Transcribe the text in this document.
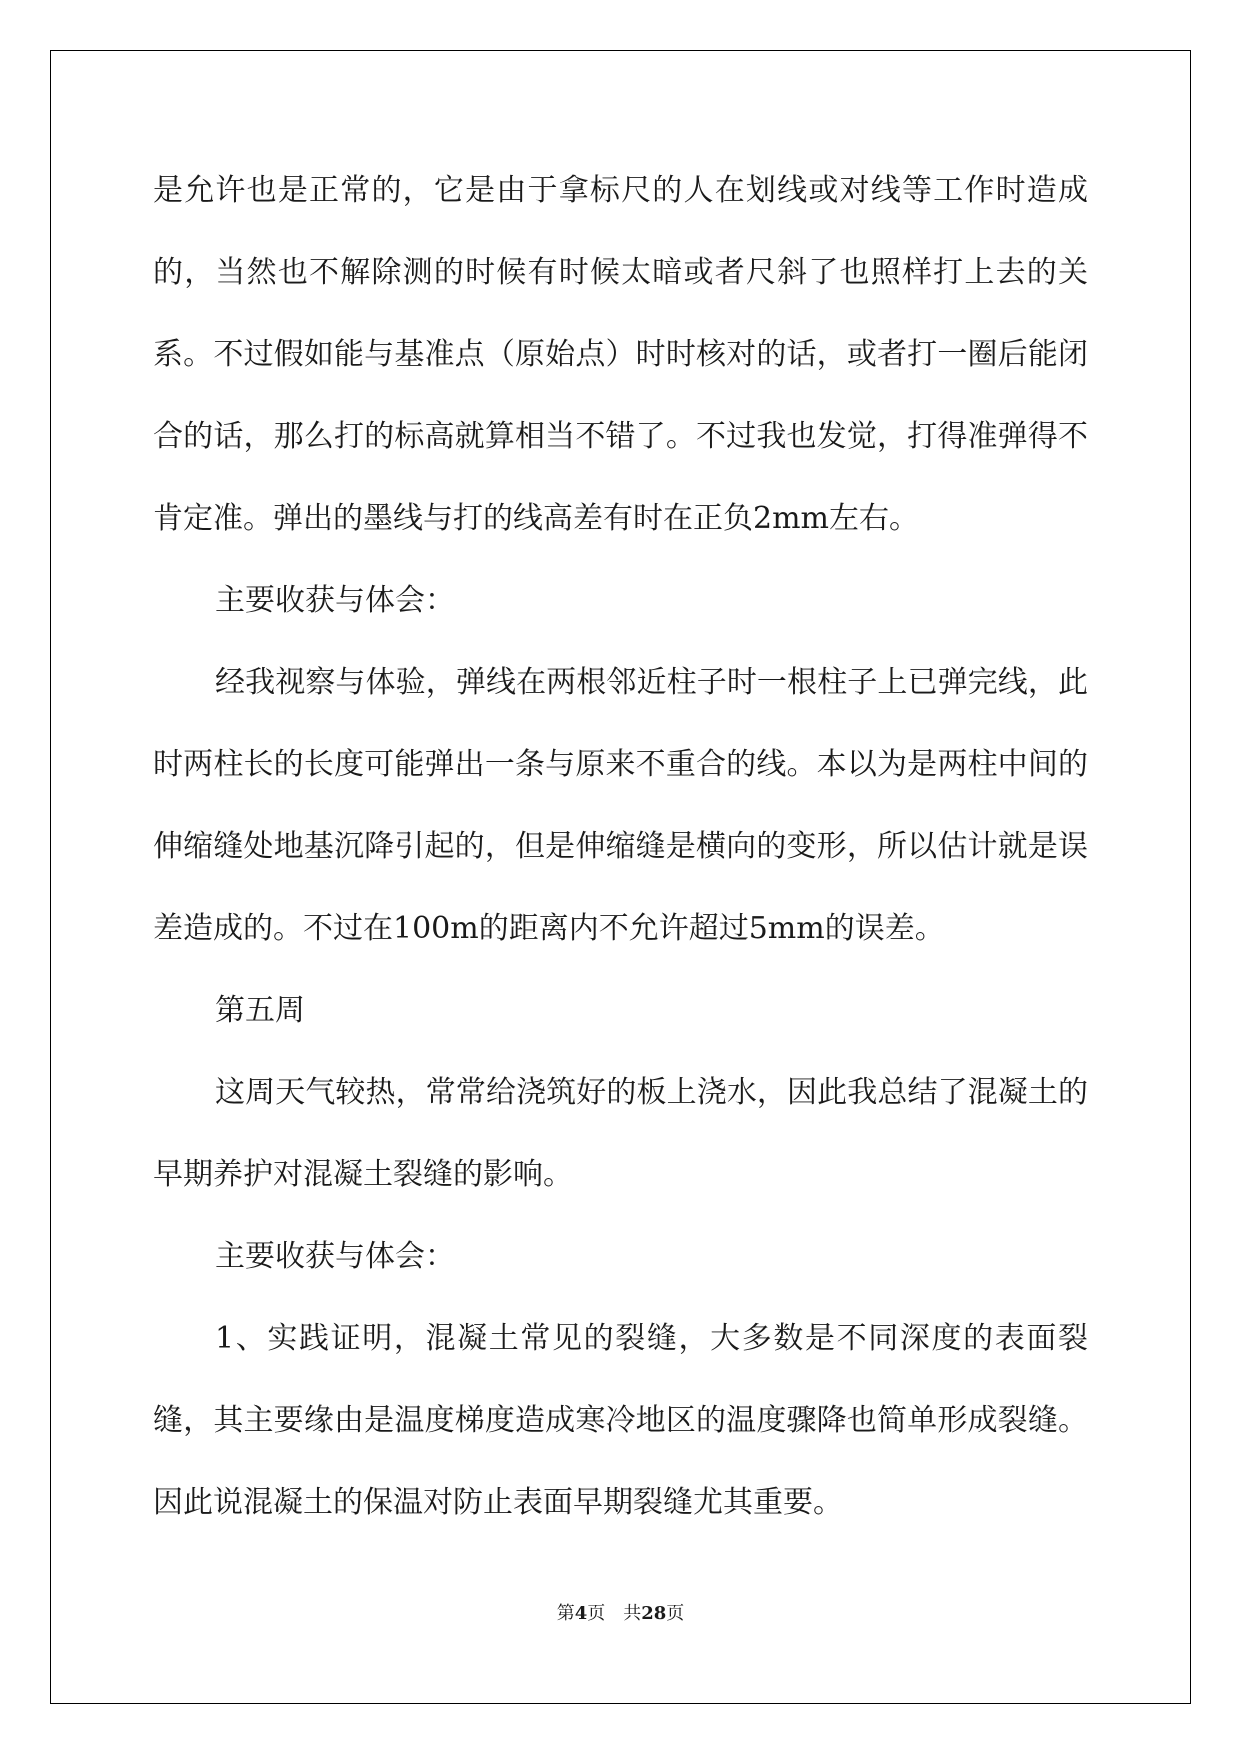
是允许也是正常的，它是由于拿标尺的人在划线或对线等工作时造成的，当然也不解除测的时候有时候太暗或者尺斜了也照样打上去的关系。不过假如能与基准点（原始点）时时核对的话，或者打一圈后能闭合的话，那么打的标高就算相当不错了。不过我也发觉，打得准弹得不肯定准。弹出的墨线与打的线高差有时在正负2mm左右。

主要收获与体会：

经我视察与体验，弹线在两根邻近柱子时一根柱子上已弹完线，此时两柱长的长度可能弹出一条与原来不重合的线。本以为是两柱中间的伸缩缝处地基沉降引起的，但是伸缩缝是横向的变形，所以估计就是误差造成的。不过在100m的距离内不允许超过5mm的误差。

第五周

这周天气较热，常常给浇筑好的板上浇水，因此我总结了混凝土的早期养护对混凝土裂缝的影响。

主要收获与体会：

1、实践证明，混凝土常见的裂缝，大多数是不同深度的表面裂缝，其主要缘由是温度梯度造成寒冷地区的温度骤降也简单形成裂缝。因此说混凝土的保温对防止表面早期裂缝尤其重要。

第4页 共28页
